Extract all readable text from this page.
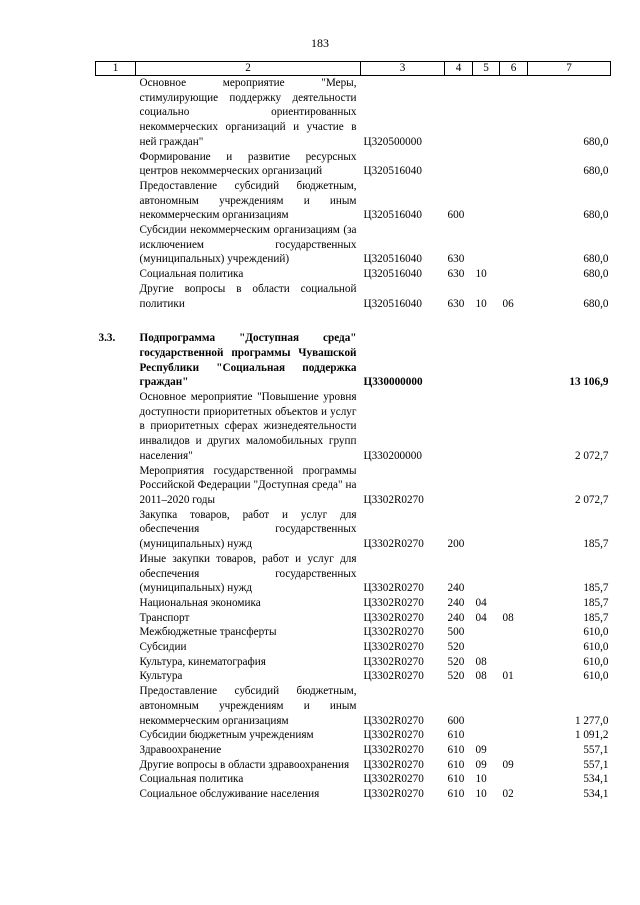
183
1	2	3	4	5	6	7
	Основное мероприятие "Меры, стимулирующие поддержку деятельности социально ориентированных некоммерческих организаций и участие в ней граждан"	Ц320500000				680,0
	Формирование и развитие ресурсных центров некоммерческих организаций	Ц320516040				680,0
	Предоставление субсидий бюджетным, автономным учреждениям и иным некоммерческим организациям	Ц320516040	600			680,0
	Субсидии некоммерческим организациям (за исключением государственных (муниципальных) учреждений)	Ц320516040	630			680,0
	Социальная политика	Ц320516040	630	10		680,0
	Другие вопросы в области социальной политики	Ц320516040	630	10	06	680,0

3.3.	Подпрограмма "Доступная среда" государственной программы Чувашской Республики "Социальная поддержка граждан"	Ц330000000				13 106,9
	Основное мероприятие "Повышение уровня доступности приоритетных объектов и услуг в приоритетных сферах жизнедеятельности инвалидов и других маломобильных групп населения"	Ц330200000				2 072,7
	Мероприятия государственной программы Российской Федерации "Доступная среда" на 2011–2020 годы	Ц3302R0270				2 072,7
	Закупка товаров, работ и услуг для обеспечения государственных (муниципальных) нужд	Ц3302R0270	200			185,7
	Иные закупки товаров, работ и услуг для обеспечения государственных (муниципальных) нужд	Ц3302R0270	240			185,7
	Национальная экономика	Ц3302R0270	240	04		185,7
	Транспорт	Ц3302R0270	240	04	08	185,7
	Межбюджетные трансферты	Ц3302R0270	500			610,0
	Субсидии	Ц3302R0270	520			610,0
	Культура, кинематография	Ц3302R0270	520	08		610,0
	Культура	Ц3302R0270	520	08	01	610,0
	Предоставление субсидий бюджетным, автономным учреждениям и иным некоммерческим организациям	Ц3302R0270	600			1 277,0
	Субсидии бюджетным учреждениям	Ц3302R0270	610			1 091,2
	Здравоохранение	Ц3302R0270	610	09		557,1
	Другие вопросы в области здравоохранения	Ц3302R0270	610	09	09	557,1
	Социальная политика	Ц3302R0270	610	10		534,1
	Социальное обслуживание населения	Ц3302R0270	610	10	02	534,1
